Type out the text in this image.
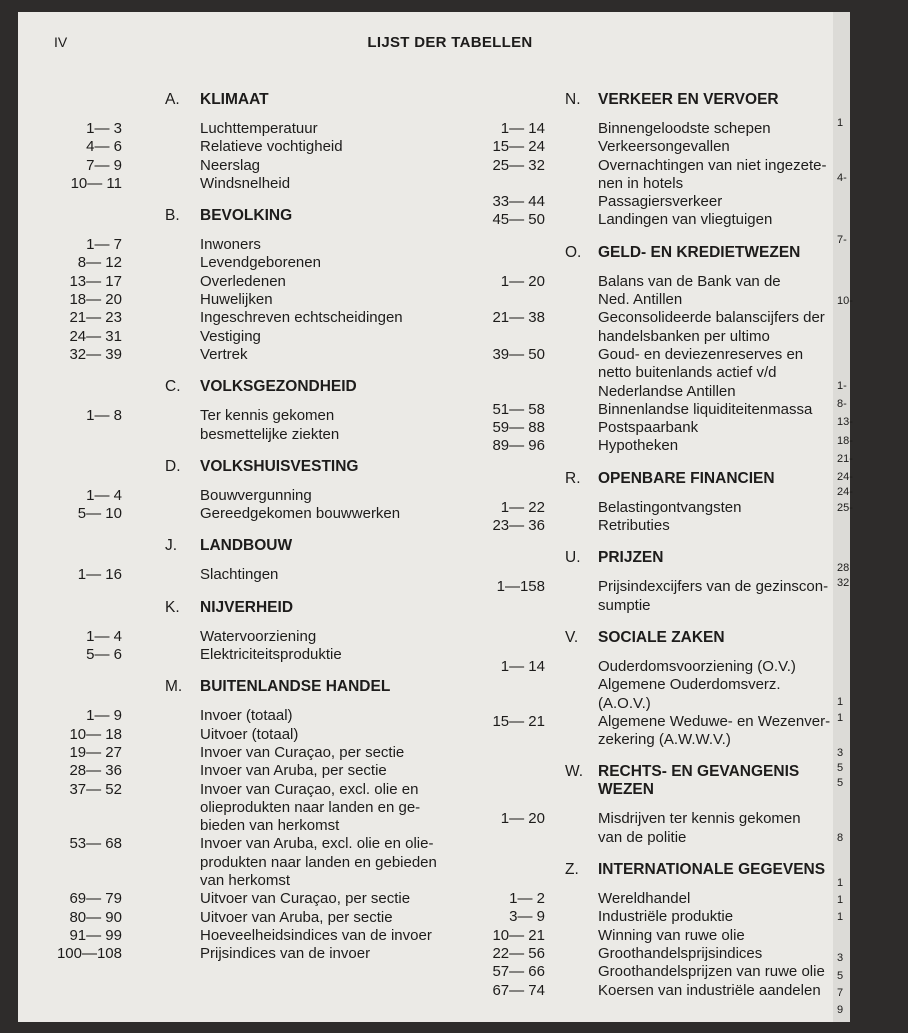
IV	LIJST DER TABELLEN
A. KLIMAAT
1— 3	Luchttemperatuur
4— 6	Relatieve vochtigheid
7— 9	Neerslag
10— 11	Windsnelheid
B. BEVOLKING
1— 7	Inwoners
8— 12	Levendgeborenen
13— 17	Overledenen
18— 20	Huwelijken
21— 23	Ingeschreven echtscheidingen
24— 31	Vestiging
32— 39	Vertrek
C. VOLKSGEZONDHEID
1— 8	Ter kennis gekomen
besmettelijke ziekten
D. VOLKSHUISVESTING
1— 4	Bouwvergunning
5— 10	Gereedgekomen bouwwerken
J. LANDBOUW
1— 16	Slachtingen
K. NIJVERHEID
1— 4	Watervoorziening
5— 6	Elektriciteitsproduktie
M. BUITENLANDSE HANDEL
1— 9	Invoer (totaal)
10— 18	Uitvoer (totaal)
19— 27	Invoer van Curaçao, per sectie
28— 36	Invoer van Aruba, per sectie
37— 52	Invoer van Curaçao, excl. olie en
olieprodukten naar landen en ge-
bieden van herkomst
53— 68	Invoer van Aruba, excl. olie en olie-
produkten naar landen en gebieden
van herkomst
69— 79	Uitvoer van Curaçao, per sectie
80— 90	Uitvoer van Aruba, per sectie
91— 99	Hoeveelheidsindices van de invoer
100—108	Prijsindices van de invoer
N. VERKEER EN VERVOER
1— 14	Binnengeloodste schepen
15— 24	Verkeersongevallen
25— 32	Overnachtingen van niet ingezete-
nen in hotels
33— 44	Passagiersverkeer
45— 50	Landingen van vliegtuigen
O. GELD- EN KREDIETWEZEN
1— 20	Balans van de Bank van de
Ned. Antillen
21— 38	Geconsolideerde balanscijfers der
handelsbanken per ultimo
39— 50	Goud- en deviezenreserves en
netto buitenlands actief v/d
Nederlandse Antillen
51— 58	Binnenlandse liquiditeitenmassa
59— 88	Postspaarbank
89— 96	Hypotheken
R. OPENBARE FINANCIEN
1— 22	Belastingontvangsten
23— 36	Retributies
U. PRIJZEN
1—158	Prijsindexcijfers van de gezinscon-
sumptie
V. SOCIALE ZAKEN
1— 14	Ouderdomsvoorziening (O.V.)
Algemene Ouderdomsverz.
(A.O.V.)
15— 21	Algemene Weduwe- en Wezenver-
zekering (A.W.W.V.)
W. RECHTS- EN GEVANGENIS
WEZEN
1— 20	Misdrijven ter kennis gekomen
van de politie
Z. INTERNATIONALE GEGEVENS
1— 2	Wereldhandel
3— 9	Industriële produktie
10— 21	Winning van ruwe olie
22— 56	Groothandelsprijsindices
57— 66	Groothandelsprijzen van ruwe olie
67— 74	Koersen van industriële aandelen
1
4-
7-
10-
1-
8-
13-
18-
21-
24-
24-
25-
28
32
1
1
3
5
5
8
1
1
1
3
5
7
9
